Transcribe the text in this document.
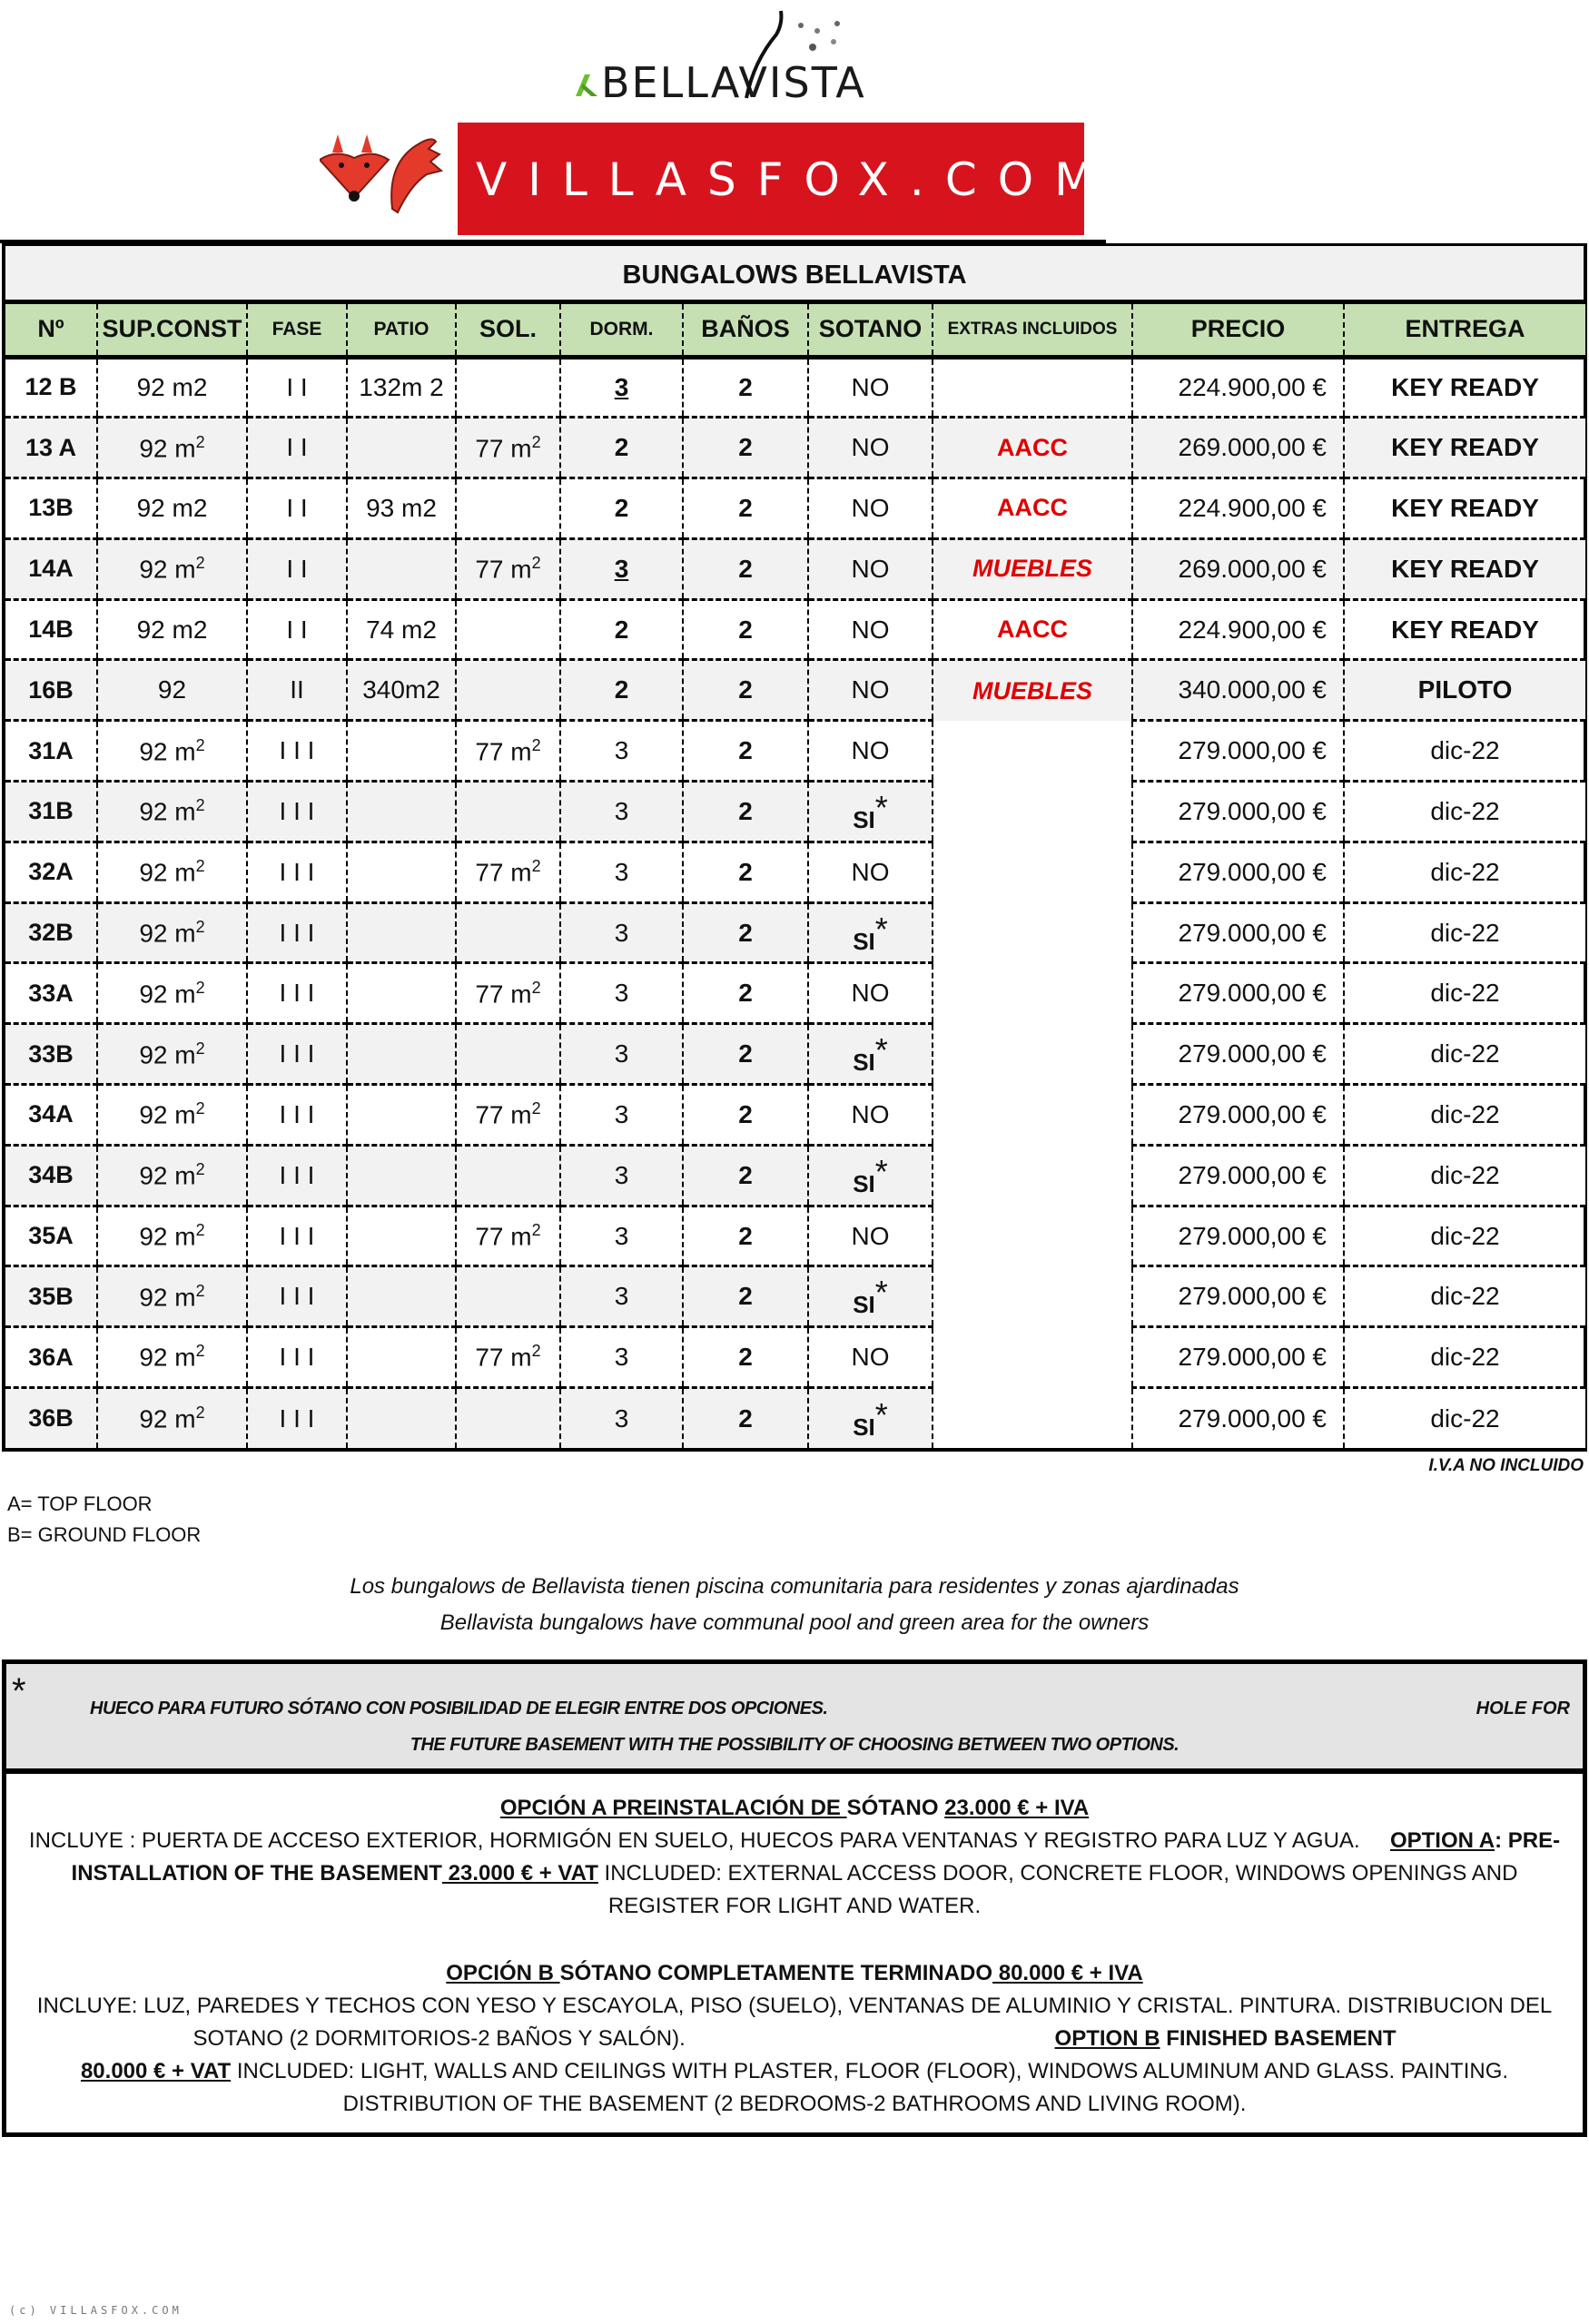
BELLAVISTA
VILLASFOX.COM
BUNGALOWS BELLAVISTA
Nº	SUP.CONST	FASE	PATIO	SOL.	DORM.	BAÑOS	SOTANO	EXTRAS INCLUIDOS	PRECIO	ENTREGA
12 B	92 m2	I I	132m 2		3	2	NO		224.900,00 €	KEY READY
13 A	92 $m^2$	I I		77 $m^2$	2	2	NO	AACC	269.000,00 €	KEY READY
13B	92 m2	I I	93 m2		2	2	NO	AACC	224.900,00 €	KEY READY
14A	92 $m^2$	I I		77 $m^2$	3	2	NO	MUEBLES	269.000,00 €	KEY READY
14B	92 m2	I I	74 m2		2	2	NO	AACC	224.900,00 €	KEY READY
16B	92	II	340m2		2	2	NO	MUEBLES	340.000,00 €	PILOTO
31A	92 $m^2$	I I I		77 $m^2$	3	2	NO		279.000,00 €	dic-22
31B	92 $m^2$	I I I			3	2	SI*		279.000,00 €	dic-22
32A	92 $m^2$	I I I		77 $m^2$	3	2	NO		279.000,00 €	dic-22
32B	92 $m^2$	I I I			3	2	SI*		279.000,00 €	dic-22
33A	92 $m^2$	I I I		77 $m^2$	3	2	NO		279.000,00 €	dic-22
33B	92 $m^2$	I I I			3	2	SI*		279.000,00 €	dic-22
34A	92 $m^2$	I I I		77 $m^2$	3	2	NO		279.000,00 €	dic-22
34B	92 $m^2$	I I I			3	2	SI*		279.000,00 €	dic-22
35A	92 $m^2$	I I I		77 $m^2$	3	2	NO		279.000,00 €	dic-22
35B	92 $m^2$	I I I			3	2	SI*		279.000,00 €	dic-22
36A	92 $m^2$	I I I		77 $m^2$	3	2	NO		279.000,00 €	dic-22
36B	92 $m^2$	I I I			3	2	SI*		279.000,00 €	dic-22
I.V.A NO INCLUIDO
A= TOP FLOOR
B= GROUND FLOOR
Los bungalows de Bellavista tienen piscina comunitaria para residentes y zonas ajardinadas
Bellavista bungalows have communal pool and green area for the owners
*	HUECO PARA FUTURO SÓTANO CON POSIBILIDAD DE ELEGIR ENTRE DOS OPCIONES.	HOLE FOR
THE FUTURE BASEMENT WITH THE POSSIBILITY OF CHOOSING BETWEEN TWO OPTIONS.

OPCIÓN A PREINSTALACIÓN DE SÓTANO 23.000 € + IVA

INCLUYE : PUERTA DE ACCESO EXTERIOR, HORMIGÓN EN SUELO, HUECOS PARA VENTANAS Y REGISTRO PARA LUZ Y AGUA. OPTION A: PRE- INSTALLATION OF THE BASEMENT 23.000 € + VAT INCLUDED: EXTERNAL ACCESS DOOR, CONCRETE FLOOR, WINDOWS OPENINGS AND
REGISTER FOR LIGHT AND WATER.

OPCIÓN B SÓTANO COMPLETAMENTE TERMINADO 80.000 € + IVA

INCLUYE: LUZ, PAREDES Y TECHOS CON YESO Y ESCAYOLA, PISO (SUELO), VENTANAS DE ALUMINIO Y CRISTAL. PINTURA. DISTRIBUCION DEL
SOTANO (2 DORMITORIOS-2 BAÑOS Y SALÓN).	OPTION B FINISHED BASEMENT
80.000 € + VAT INCLUDED: LIGHT, WALLS AND CEILINGS WITH PLASTER, FLOOR (FLOOR), WINDOWS ALUMINUM AND GLASS. PAINTING.
DISTRIBUTION OF THE BASEMENT (2 BEDROOMS-2 BATHROOMS AND LIVING ROOM).

(c) VILLASFOX.COM
